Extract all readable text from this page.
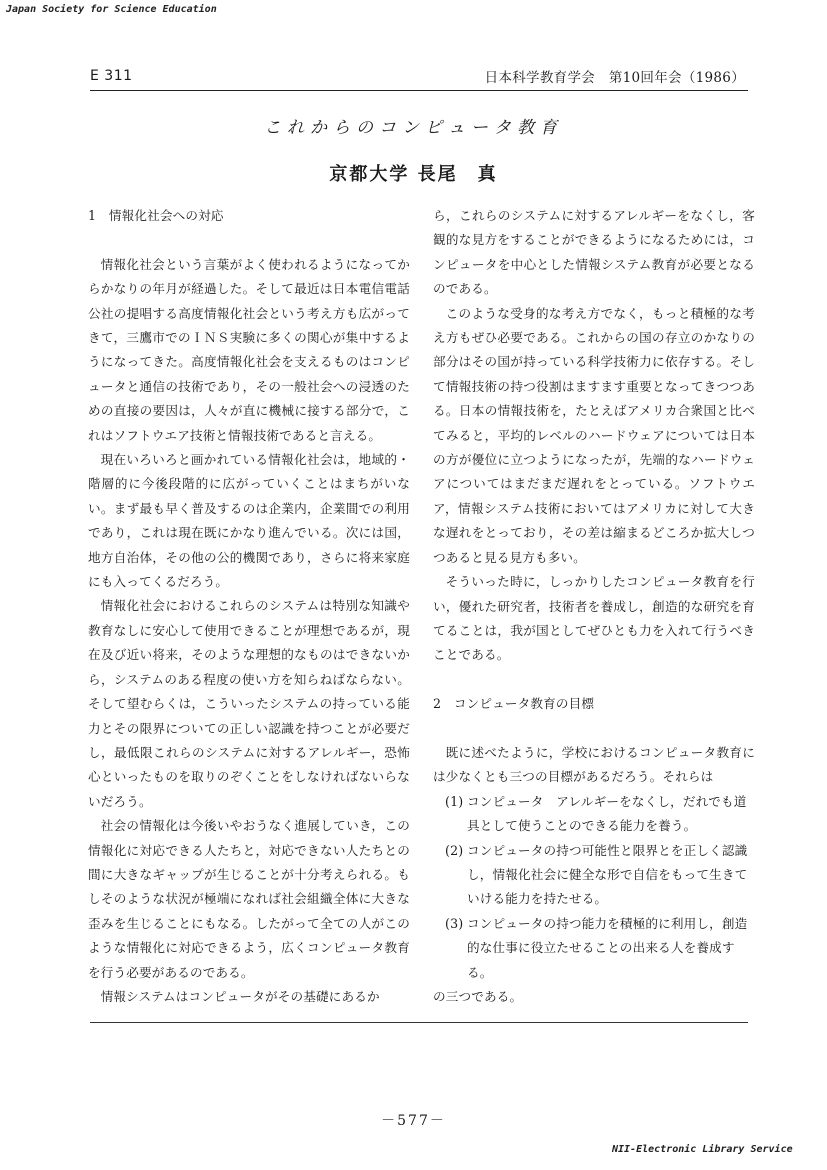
Japan Society for Science Education
E 311	日本科学教育学会　第10回年会（1986）
これからのコンピュータ教育
京都大学 長尾　真
1　情報化社会への対応

情報化社会という言葉がよく使われるようになってからかなりの年月が経過した。そして最近は日本電信電話公社の提唱する高度情報化社会という考え方も広がってきて，三鷹市でのＩＮＳ実験に多くの関心が集中するようになってきた。高度情報化社会を支えるものはコンピュータと通信の技術であり，その一般社会への浸透のための直接の要因は，人々が直に機械に接する部分で，これはソフトウエア技術と情報技術であると言える。

現在いろいろと画かれている情報化社会は，地域的・階層的に今後段階的に広がっていくことはまちがいない。まず最も早く普及するのは企業内，企業間での利用であり，これは現在既にかなり進んでいる。次には国，地方自治体，その他の公的機関であり，さらに将来家庭にも入ってくるだろう。

情報化社会におけるこれらのシステムは特別な知識や教育なしに安心して使用できることが理想であるが，現在及び近い将来，そのような理想的なものはできないから，システムのある程度の使い方を知らねばならない。そして望むらくは，こういったシステムの持っている能力とその限界についての正しい認識を持つことが必要だし，最低限これらのシステムに対するアレルギー，恐怖心といったものを取りのぞくことをしなければないらないだろう。

社会の情報化は今後いやおうなく進展していき，この情報化に対応できる人たちと，対応できない人たちとの間に大きなギャップが生じることが十分考えられる。もしそのような状況が極端になれば社会組織全体に大きな歪みを生じることにもなる。したがって全ての人がこのような情報化に対応できるよう，広くコンピュータ教育を行う必要があるのである。

情報システムはコンピュータがその基礎にあるか

ら，これらのシステムに対するアレルギーをなくし，客観的な見方をすることができるようになるためには，コンピュータを中心とした情報システム教育が必要となるのである。

このような受身的な考え方でなく，もっと積極的な考え方もぜひ必要である。これからの国の存立のかなりの部分はその国が持っている科学技術力に依存する。そして情報技術の持つ役割はますます重要となってきつつある。日本の情報技術を，たとえばアメリカ合衆国と比べてみると，平均的レベルのハードウェアについては日本の方が優位に立つようになったが，先端的なハードウェアについてはまだまだ遅れをとっている。ソフトウエア，情報システム技術においてはアメリカに対して大きな遅れをとっており，その差は縮まるどころか拡大しつつあると見る見方も多い。

そういった時に，しっかりしたコンピュータ教育を行い，優れた研究者，技術者を養成し，創造的な研究を育てることは，我が国としてぜひとも力を入れて行うべきことである。

2　コンピュータ教育の目標

既に述べたように，学校におけるコンピュータ教育には少なくとも三つの目標があるだろう。それらは

(1) コンピュータ　アレルギーをなくし，だれでも道具として使うことのできる能力を養う。
(2) コンピュータの持つ可能性と限界とを正しく認識し，情報化社会に健全な形で自信をもって生きていける能力を持たせる。
(3) コンピュータの持つ能力を積極的に利用し，創造的な仕事に役立たせることの出来る人を養成する。

の三つである。

－577－
NII-Electronic Library Service
